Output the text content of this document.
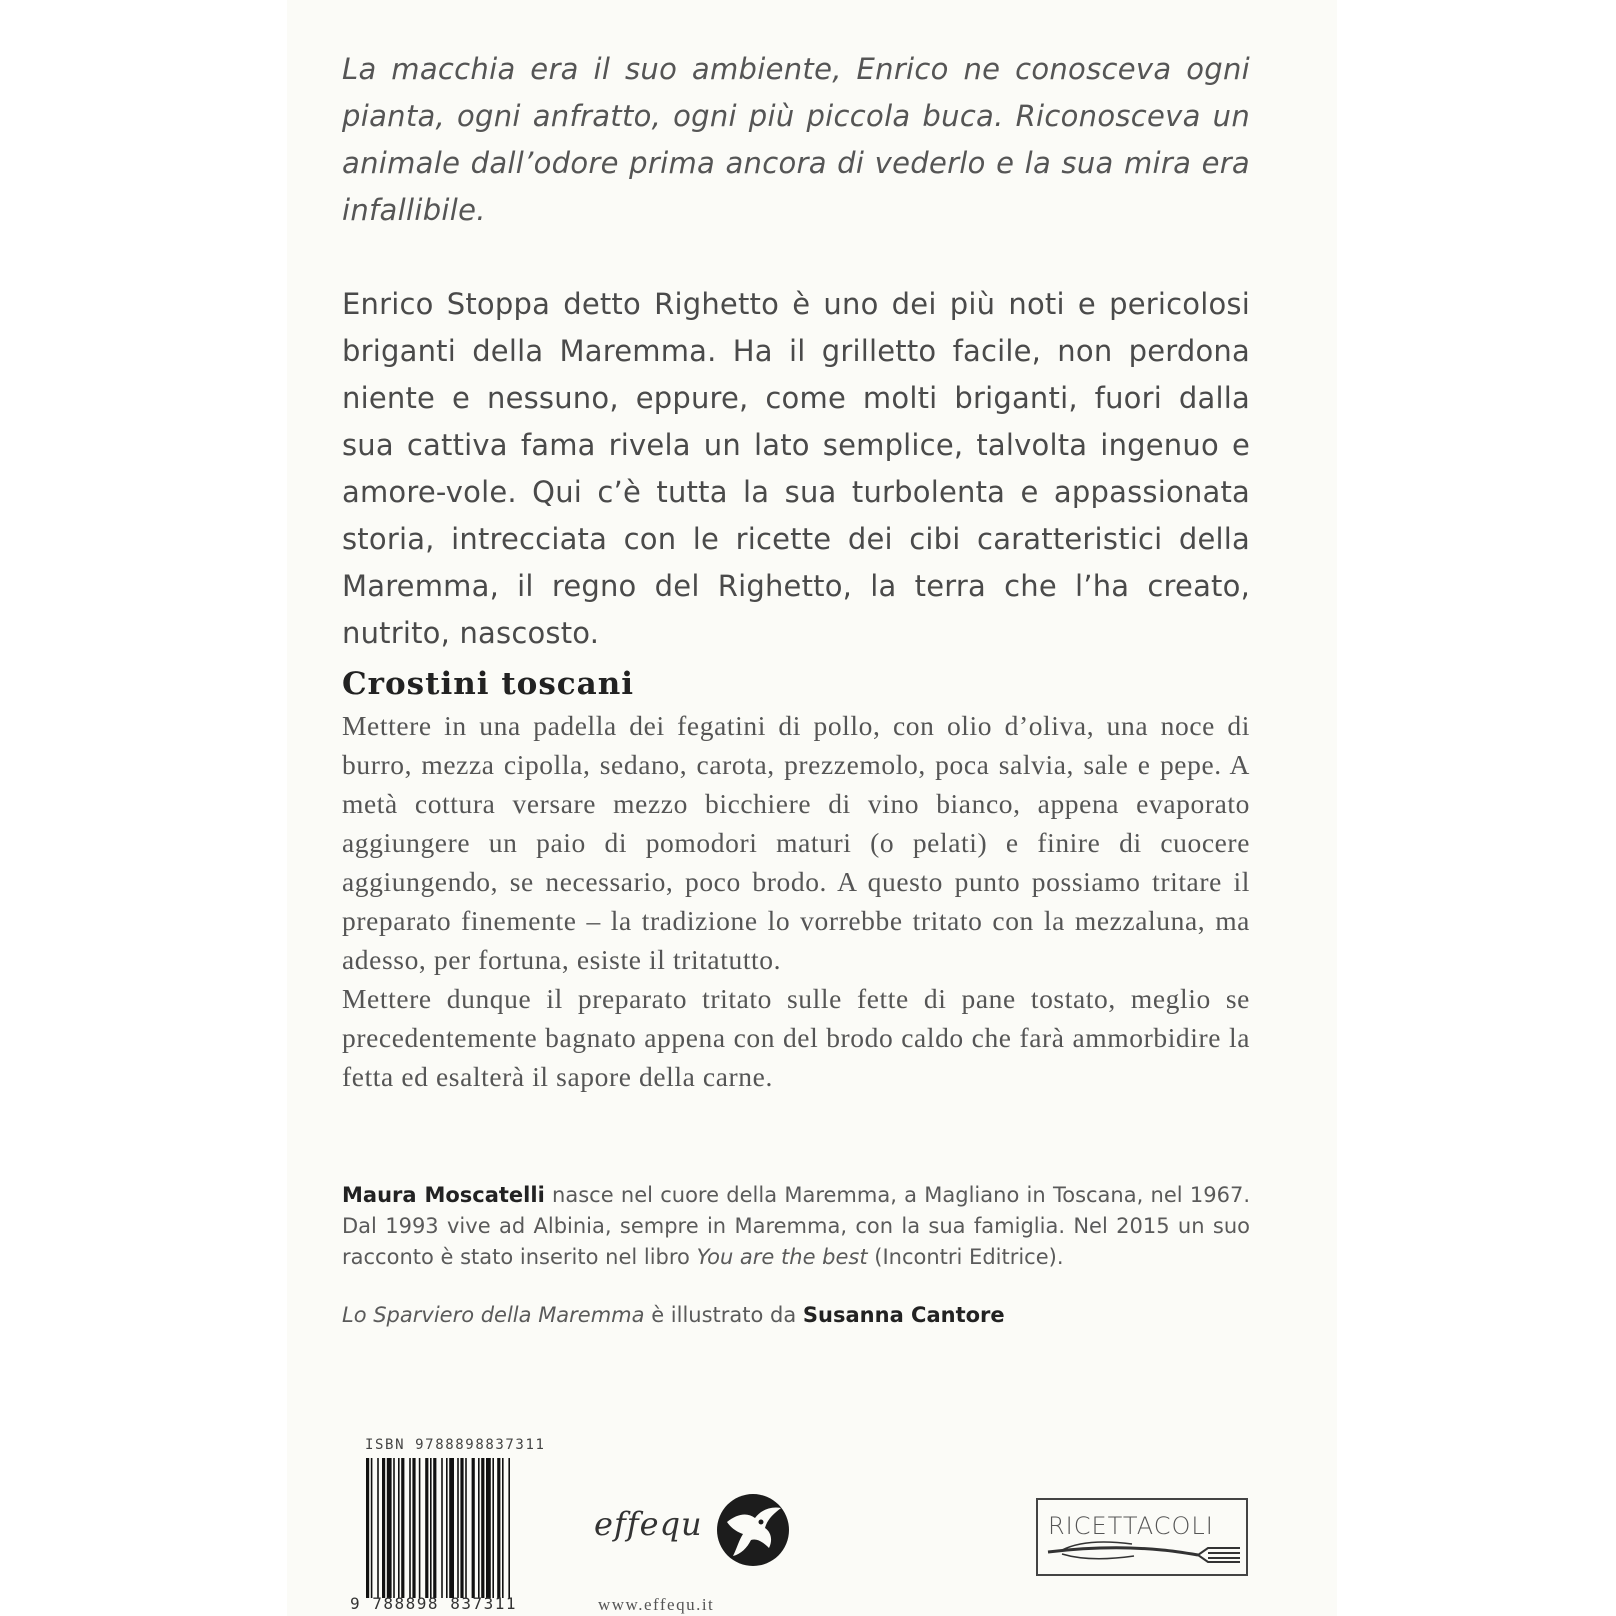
La macchia era il suo ambiente, Enrico ne conosceva ogni pianta, ogni anfratto, ogni più piccola buca. Riconosceva un animale dall’odore prima ancora di vederlo e la sua mira era infallibile.

Enrico Stoppa detto Righetto è uno dei più noti e pericolosi briganti della Maremma. Ha il grilletto facile, non perdona niente e nessuno, eppure, come molti briganti, fuori dalla sua cattiva fama rivela un lato semplice, talvolta ingenuo e amore-vole. Qui c’è tutta la sua turbolenta e appassionata storia, intrecciata con le ricette dei cibi caratteristici della Maremma, il regno del Righetto, la terra che l’ha creato, nutrito, nascosto.

Crostini toscani

Mettere in una padella dei fegatini di pollo, con olio d’oliva, una noce di burro, mezza cipolla, sedano, carota, prezzemolo, poca salvia, sale e pepe. A metà cottura versare mezzo bicchiere di vino bianco, appena evaporato aggiungere un paio di pomodori maturi (o pelati) e finire di cuocere aggiungendo, se necessario, poco brodo. A questo punto possiamo tritare il preparato finemente – la tradizione lo vorrebbe tritato con la mezzaluna, ma adesso, per fortuna, esiste il tritatutto.

Mettere dunque il preparato tritato sulle fette di pane tostato, meglio se precedentemente bagnato appena con del brodo caldo che farà ammorbidire la fetta ed esalterà il sapore della carne.

Maura Moscatelli nasce nel cuore della Maremma, a Magliano in Toscana, nel 1967. Dal 1993 vive ad Albinia, sempre in Maremma, con la sua famiglia. Nel 2015 un suo racconto è stato inserito nel libro You are the best (Incontri Editrice).

Lo Sparviero della Maremma è illustrato da Susanna Cantore

ISBN 9788898837311
9 788898 837311
effequ
www.effequ.it
RICETTACOLI
